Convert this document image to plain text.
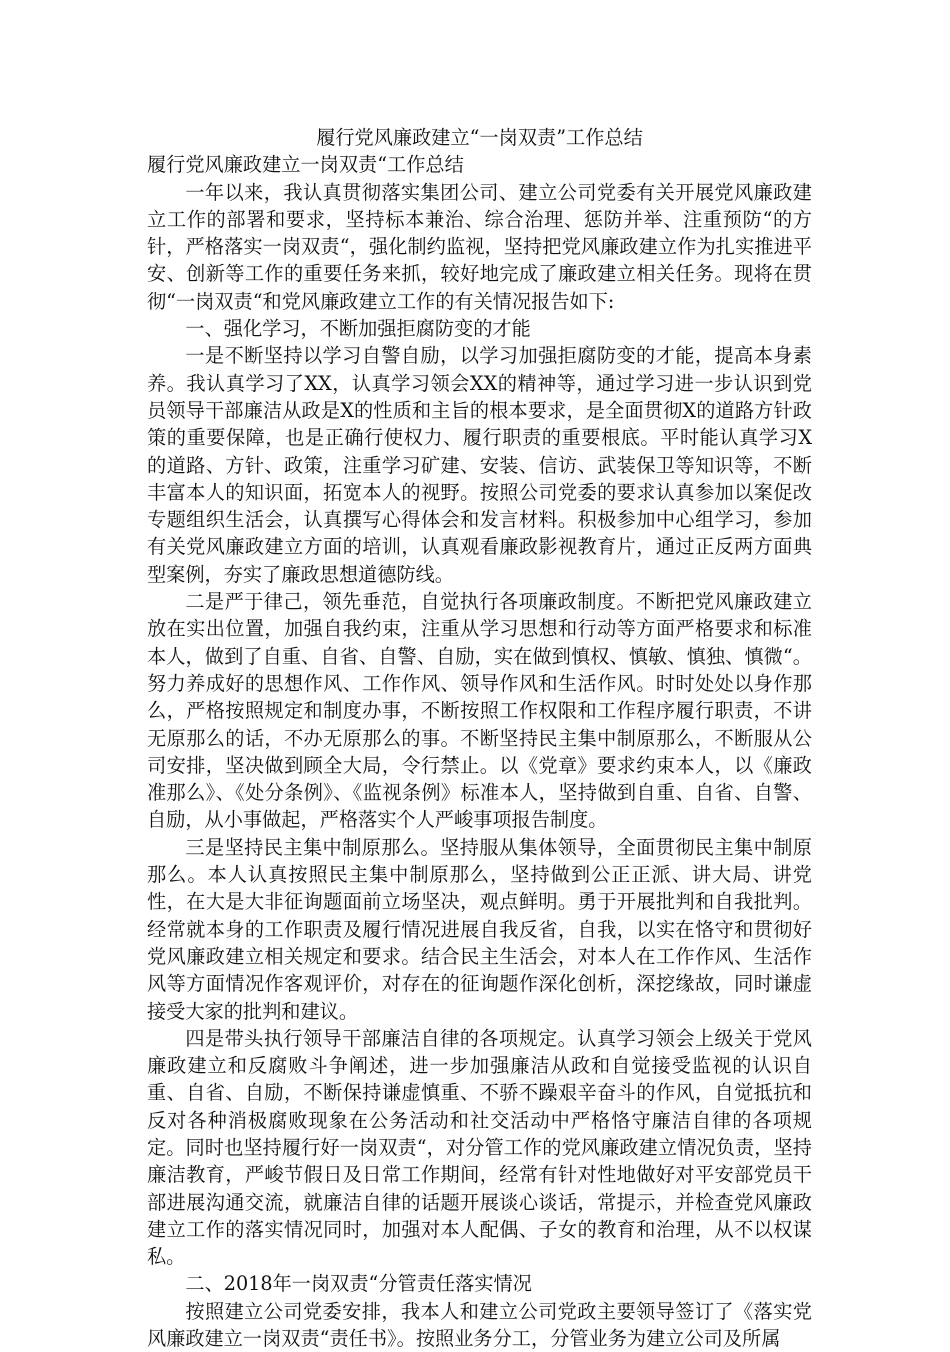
履行党风廉政建立“一岗双责”工作总结

履行党风廉政建立一岗双责“工作总结

一年以来，我认真贯彻落实集团公司、建立公司党委有关开展党风廉政建立工作的部署和要求，坚持标本兼治、综合治理、惩防并举、注重预防“的方针，严格落实一岗双责“，强化制约监视，坚持把党风廉政建立作为扎实推进平安、创新等工作的重要任务来抓，较好地完成了廉政建立相关任务。现将在贯彻“一岗双责“和党风廉政建立工作的有关情况报告如下:

一、强化学习，不断加强拒腐防变的才能

一是不断坚持以学习自警自励，以学习加强拒腐防变的才能，提高本身素养。我认真学习了XX，认真学习领会XX的精神等，通过学习进一步认识到党员领导干部廉洁从政是X的性质和主旨的根本要求，是全面贯彻X的道路方针政策的重要保障，也是正确行使权力、履行职责的重要根底。平时能认真学习X的道路、方针、政策，注重学习矿建、安装、信访、武装保卫等知识等，不断丰富本人的知识面，拓宽本人的视野。按照公司党委的要求认真参加以案促改专题组织生活会，认真撰写心得体会和发言材料。积极参加中心组学习，参加有关党风廉政建立方面的培训，认真观看廉政影视教育片，通过正反两方面典型案例，夯实了廉政思想道德防线。

二是严于律己，领先垂范，自觉执行各项廉政制度。不断把党风廉政建立放在实出位置，加强自我约束，注重从学习思想和行动等方面严格要求和标准本人，做到了自重、自省、自警、自励，实在做到慎权、慎敏、慎独、慎微“。努力养成好的思想作风、工作作风、领导作风和生活作风。时时处处以身作那么，严格按照规定和制度办事，不断按照工作权限和工作程序履行职责，不讲无原那么的话，不办无原那么的事。不断坚持民主集中制原那么，不断服从公司安排，坚决做到顾全大局，令行禁止。以《党章》要求约束本人，以《廉政准那么》、《处分条例》、《监视条例》标准本人，坚持做到自重、自省、自警、自励，从小事做起，严格落实个人严峻事项报告制度。

三是坚持民主集中制原那么。坚持服从集体领导，全面贯彻民主集中制原那么。本人认真按照民主集中制原那么，坚持做到公正正派、讲大局、讲党性，在大是大非征询题面前立场坚决，观点鲜明。勇于开展批判和自我批判。经常就本身的工作职责及履行情况进展自我反省，自我，以实在恪守和贯彻好党风廉政建立相关规定和要求。结合民主生活会，对本人在工作作风、生活作风等方面情况作客观评价，对存在的征询题作深化创析，深挖缘故，同时谦虚接受大家的批判和建议。

四是带头执行领导干部廉洁自律的各项规定。认真学习领会上级关于党风廉政建立和反腐败斗争阐述，进一步加强廉洁从政和自觉接受监视的认识自重、自省、自励，不断保持谦虚慎重、不骄不躁艰辛奋斗的作风，自觉抵抗和反对各种消极腐败现象在公务活动和社交活动中严格恪守廉洁自律的各项规定。同时也坚持履行好一岗双责“，对分管工作的党风廉政建立情况负责，坚持廉洁教育，严峻节假日及日常工作期间，经常有针对性地做好对平安部党员干部进展沟通交流，就廉洁自律的话题开展谈心谈话，常提示，并检查党风廉政建立工作的落实情况同时，加强对本人配偶、子女的教育和治理，从不以权谋私。

二、2018年一岗双责“分管责任落实情况

按照建立公司党委安排，我本人和建立公司党政主要领导签订了《落实党风廉政建立一岗双责“责任书》。按照业务分工，分管业务为建立公司及所属
